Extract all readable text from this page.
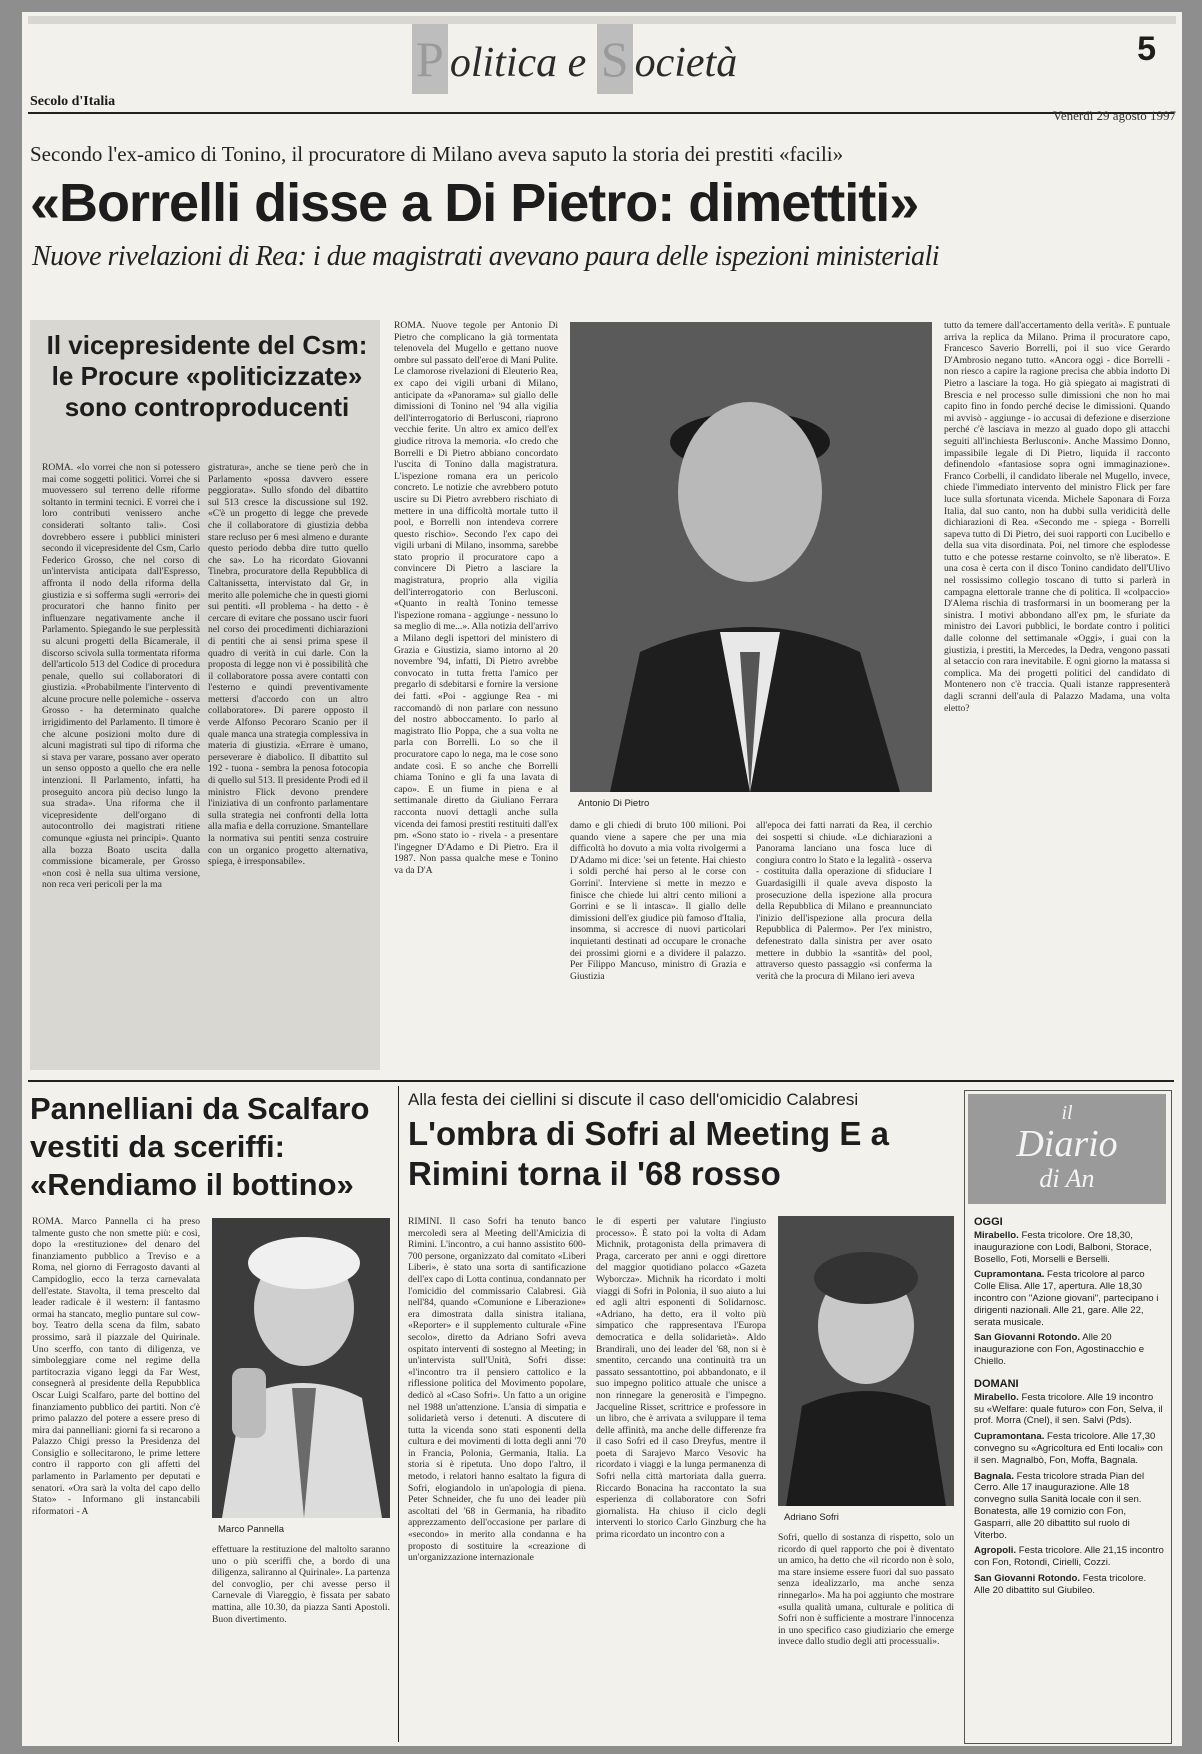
P olitica e S ocietà	5
Secolo d'Italia
Venerdì 29 agosto 1997
Secondo l'ex-amico di Tonino, il procuratore di Milano aveva saputo la storia dei prestiti «facili»
«Borrelli disse a Di Pietro: dimettiti»
Nuove rivelazioni di Rea: i due magistrati avevano paura delle ispezioni ministeriali
Il vicepresidente del Csm: le Procure «politicizzate» sono controproducenti
ROMA. «Io vorrei che non si potessero mai come soggetti politici. Vorrei che si muovessero sul terreno delle riforme soltanto in termini tecnici. E vorrei che i loro contributi venissero anche considerati soltanto tali». Così dovrebbero essere i pubblici ministeri secondo il vicepresidente del Csm, Carlo Federico Grosso, che nel corso di un'intervista anticipata dall'Espresso, affronta il nodo della riforma della giustizia e si sofferma sugli «errori» dei procuratori che hanno finito per influenzare negativamente anche il Parlamento. Spiegando le sue perplessità su alcuni progetti della Bicamerale, il discorso scivola sulla tormentata riforma dell'articolo 513 del Codice di procedura penale, quello sui collaboratori di giustizia. «Probabilmente l'intervento di alcune procure nelle polemiche - osserva Grosso - ha determinato qualche irrigidimento del Parlamento. Il timore è che alcune posizioni molto dure di alcuni magistrati sul tipo di riforma che si stava per varare, possano aver operato un senso opposto a quello che era nelle intenzioni. Il Parlamento, infatti, ha proseguito ancora più deciso lungo la sua strada». Una riforma che il vicepresidente dell'organo di autocontrollo dei magistrati ritiene comunque «giusta nei principi». Quanto alla bozza Boato uscita dalla commissione bicamerale, per Grosso «non così è nella sua ultima versione, non reca veri pericoli per la ma
gistratura», anche se tiene però che in Parlamento «possa davvero essere peggiorata». Sullo sfondo del dibattito sul 513 cresce la discussione sul 192. «C'è un progetto di legge che prevede che il collaboratore di giustizia debba stare recluso per 6 mesi almeno e durante questo periodo debba dire tutto quello che sa». Lo ha ricordato Giovanni Tinebra, procuratore della Repubblica di Caltanissetta, intervistato dal Gr, in merito alle polemiche che in questi giorni sui pentiti. «Il problema - ha detto - è cercare di evitare che possano uscir fuori nel corso dei procedimenti dichiarazioni di pentiti che ai sensi prima spese il quadro di verità in cui darle. Con la proposta di legge non vi è possibilità che il collaboratore possa avere contatti con l'esterno e quindi preventivamente mettersi d'accordo con un altro collaboratore». Di parere opposto il verde Alfonso Pecoraro Scanio per il quale manca una strategia complessiva in materia di giustizia. «Errare è umano, perseverare è diabolico. Il dibattito sul 192 - tuona - sembra la penosa fotocopia di quello sul 513. Il presidente Prodi ed il ministro Flick devono prendere l'iniziativa di un confronto parlamentare sulla strategia nei confronti della lotta alla mafia e della corruzione. Smantellare la normativa sui pentiti senza costruire con un organico progetto alternativa, spiega, è irresponsabile».
ROMA. Nuove tegole per Antonio Di Pietro che complicano la già tormentata telenovela del Mugello e gettano nuove ombre sul passato dell'eroe di Mani Pulite. Le clamorose rivelazioni di Eleuterio Rea, ex capo dei vigili urbani di Milano, anticipate da «Panorama» sul giallo delle dimissioni di Tonino nel '94 alla vigilia dell'interrogatorio di Berlusconi, riaprono vecchie ferite. Un altro ex amico dell'ex giudice ritrova la memoria. «Io credo che Borrelli e Di Pietro abbiano concordato l'uscita di Tonino dalla magistratura. L'ispezione romana era un pericolo concreto. Le notizie che avrebbero potuto uscire su Di Pietro avrebbero rischiato di mettere in una difficoltà mortale tutto il pool, e Borrelli non intendeva correre questo rischio». Secondo l'ex capo dei vigili urbani di Milano, insomma, sarebbe stato proprio il procuratore capo a convincere Di Pietro a lasciare la magistratura, proprio alla vigilia dell'interrogatorio con Berlusconi. «Quanto in realtà Tonino temesse l'ispezione romana - aggiunge - nessuno lo sa meglio di me...». Alla notizia dell'arrivo a Milano degli ispettori del ministero di Grazia e Giustizia, siamo intorno al 20 novembre '94, infatti, Di Pietro avrebbe convocato in tutta fretta l'amico per pregarlo di sdebitarsi e fornire la versione dei fatti. «Poi - aggiunge Rea - mi raccomandò di non parlare con nessuno del nostro abboccamento. Io parlo al magistrato Ilio Poppa, che a sua volta ne parla con Borrelli. Lo so che il procuratore capo lo nega, ma le cose sono andate così. E so anche che Borrelli chiama Tonino e gli fa una lavata di capo». E un fiume in piena e al settimanale diretto da Giuliano Ferrara racconta nuovi dettagli anche sulla vicenda dei famosi prestiti restituiti dall'ex pm. «Sono stato io - rivela - a presentare l'ingegner D'Adamo e Di Pietro. Era il 1987. Non passa qualche mese e Tonino va da D'A
Antonio Di Pietro
damo e gli chiedi di bruto 100 milioni. Poi quando viene a sapere che per una mia difficoltà ho dovuto a mia volta rivolgermi a D'Adamo mi dice: 'sei un fetente. Hai chiesto i soldi perché hai perso al le corse con Gorrini'. Interviene si mette in mezzo e finisce che chiede lui altri cento milioni a Gorrini e se li intasca». Il giallo delle dimissioni dell'ex giudice più famoso d'Italia, insomma, si accresce di nuovi particolari inquietanti destinati ad occupare le cronache dei prossimi giorni e a dividere il palazzo. Per Filippo Mancuso, ministro di Grazia e Giustizia
all'epoca dei fatti narrati da Rea, il cerchio dei sospetti si chiude. «Le dichiarazioni a Panorama lanciano una fosca luce di congiura contro lo Stato e la legalità - osserva - costituita dalla operazione di sfiduciare I Guardasigilli il quale aveva disposto la prosecuzione della ispezione alla procura della Repubblica di Milano e preannunciato l'inizio dell'ispezione alla procura della Repubblica di Palermo». Per l'ex ministro, defenestrato dalla sinistra per aver osato mettere in dubbio la «santità» del pool, attraverso questo passaggio «si conferma la verità che la procura di Milano ieri aveva
tutto da temere dall'accertamento della verità». E puntuale arriva la replica da Milano. Prima il procuratore capo, Francesco Saverio Borrelli, poi il suo vice Gerardo D'Ambrosio negano tutto. «Ancora oggi - dice Borrelli - non riesco a capire la ragione precisa che abbia indotto Di Pietro a lasciare la toga. Ho già spiegato ai magistrati di Brescia e nel processo sulle dimissioni che non ho mai capito fino in fondo perché decise le dimissioni. Quando mi avvisò - aggiunge - io accusai di defezione e diserzione perché c'è lasciava in mezzo al guado dopo gli attacchi seguiti all'inchiesta Berlusconi». Anche Massimo Donno, impassibile legale di Di Pietro, liquida il racconto definendolo «fantasiose sopra ogni immaginazione». Franco Corbelli, il candidato liberale nel Mugello, invece, chiede l'immediato intervento del ministro Flick per fare luce sulla sfortunata vicenda. Michele Saponara di Forza Italia, dal suo canto, non ha dubbi sulla veridicità delle dichiarazioni di Rea. «Secondo me - spiega - Borrelli sapeva tutto di Di Pietro, dei suoi rapporti con Lucibello e della sua vita disordinata. Poi, nel timore che esplodesse tutto e che potesse restarne coinvolto, se n'è liberato». E una cosa è certa con il disco Tonino candidato dell'Ulivo nel rossissimo collegio toscano di tutto si parlerà in campagna elettorale tranne che di politica. Il «colpaccio» D'Alema rischia di trasformarsi in un boomerang per la sinistra. I motivi abbondano all'ex pm, le sfuriate da ministro dei Lavori pubblici, le bordate contro i politici dalle colonne del settimanale «Oggi», i guai con la giustizia, i prestiti, la Mercedes, la Dedra, vengono passati al setaccio con rara inevitabile. E ogni giorno la matassa si complica. Ma dei progetti politici del candidato di Montenero non c'è traccia. Quali istanze rappresenterà dagli scranni dell'aula di Palazzo Madama, una volta eletto?
Pannelliani da Scalfaro vestiti da sceriffi: «Rendiamo il bottino»
ROMA. Marco Pannella ci ha preso talmente gusto che non smette più: e così, dopo la «restituzione» del denaro del finanziamento pubblico a Treviso e a Roma, nel giorno di Ferragosto davanti al Campidoglio, ecco la terza carnevalata dell'estate. Stavolta, il tema prescelto dal leader radicale è il western: il fantasmo ormai ha stancato, meglio puntare sul cow-boy. Teatro della scena da film, sabato prossimo, sarà il piazzale del Quirinale. Uno scerffo, con tanto di diligenza, ve simboleggiare come nel regime della partitocrazia vigano leggi da Far West, consegnerà al presidente della Repubblica Oscar Luigi Scalfaro, parte del bottino del finanziamento pubblico dei partiti. Non c'è primo palazzo del potere a essere preso di mira dai pannelliani: giorni fa si recarono a Palazzo Chigi presso la Presidenza del Consiglio e sollecitarono, le prime lettere contro il rapporto con gli affetti del parlamento in Parlamento per deputati e senatori. «Ora sarà la volta del capo dello Stato» - Informano gli instancabili riformatori - A
Marco Pannella
effettuare la restituzione del maltolto saranno uno o più sceriffi che, a bordo di una diligenza, saliranno al Quirinale». La partenza del convoglio, per chi avesse perso il Carnevale di Viareggio, è fissata per sabato mattina, alle 10.30, da piazza Santi Apostoli. Buon divertimento.
Alla festa dei ciellini si discute il caso dell'omicidio Calabresi
L'ombra di Sofri al Meeting E a Rimini torna il '68 rosso
RIMINI. Il caso Sofri ha tenuto banco mercoledì sera al Meeting dell'Amicizia di Rimini. L'incontro, a cui hanno assistito 600-700 persone, organizzato dal comitato «Liberi Liberi», è stato una sorta di santificazione dell'ex capo di Lotta continua, condannato per l'omicidio del commissario Calabresi. Già nell'84, quando «Comunione e Liberazione» era dimostrata dalla sinistra italiana, «Reporter» e il supplemento culturale «Fine secolo», diretto da Adriano Sofri aveva ospitato interventi di sostegno al Meeting; in un'intervista sull'Unità, Sofri disse: «l'incontro tra il pensiero cattolico e la riflessione politica del Movimento popolare, dedicò al «Caso Sofri». Un fatto a un origine nel 1988 un'attenzione. L'ansia di simpatia e solidarietà verso i detenuti. A discutere di tutta la vicenda sono stati esponenti della cultura e dei movimenti di lotta degli anni '70 in Francia, Polonia, Germania, Italia. La storia si è ripetuta. Uno dopo l'altro, il metodo, i relatori hanno esaltato la figura di Sofri, elogiandolo in un'apologia di piena. Peter Schneider, che fu uno dei leader più ascoltati del '68 in Germania, ha ribadito apprezzamento dell'occasione per parlare di «secondo» in merito alla condanna e ha proposto di sostituire la «creazione di un'organizzazione internazionale
le di esperti per valutare l'ingiusto processo». È stato poi la volta di Adam Michnik, protagonista della primavera di Praga, carcerato per anni e oggi direttore del maggior quotidiano polacco «Gazeta Wyborcza». Michnik ha ricordato i molti viaggi di Sofri in Polonia, il suo aiuto a lui ed agli altri esponenti di Solidarnosc. «Adriano, ha detto, era il volto più simpatico che rappresentava l'Europa democratica e della solidarietà». Aldo Brandirali, uno dei leader del '68, non si è smentito, cercando una continuità tra un passato sessantottino, poi abbandonato, e il suo impegno politico attuale che unisce a non rinnegare la generosità e l'impegno. Jacqueline Risset, scrittrice e professore in un libro, che è arrivata a sviluppare il tema delle affinità, ma anche delle differenze fra il caso Sofri ed il caso Dreyfus, mentre il poeta di Sarajevo Marco Vesovic ha ricordato i viaggi e la lunga permanenza di Sofri nella città martoriata dalla guerra. Riccardo Bonacina ha raccontato la sua esperienza di collaboratore con Sofri giornalista. Ha chiuso il ciclo degli interventi lo storico Carlo Ginzburg che ha prima ricordato un incontro con a
Adriano Sofri
Sofri, quello di sostanza di rispetto, solo un ricordo di quel rapporto che poi è diventato un amico, ha detto che «il ricordo non è solo, ma stare insieme essere fuori dal suo passato senza idealizzarlo, ma anche senza rinnegarlo». Ma ha poi aggiunto che mostrare «sulla qualità umana, culturale e politica di Sofri non è sufficiente a mostrare l'innocenza in uno specifico caso giudiziario che emerge invece dallo studio degli atti processuali».
il
Diario
di An
OGGI
Mirabello. Festa tricolore. Ore 18,30, inaugurazione con Lodi, Balboni, Storace, Bosello, Foti, Morselli e Berselli.
Cupramontana. Festa tricolore al parco Colle Elisa. Alle 17, apertura. Alle 18,30 incontro con "Azione giovani", partecipano i dirigenti nazionali. Alle 21, gare. Alle 22, serata musicale.
San Giovanni Rotondo. Alle 20 inaugurazione con Fon, Agostinacchio e Chiello.
DOMANI
Mirabello. Festa tricolore. Alle 19 incontro su «Welfare: quale futuro» con Fon, Selva, il prof. Morra (Cnel), il sen. Salvi (Pds).
Cupramontana. Festa tricolore. Alle 17,30 convegno su «Agricoltura ed Enti locali» con il sen. Magnalbò, Fon, Moffa, Bagnala.
Bagnala. Festa tricolore strada Pian del Cerro. Alle 17 inaugurazione. Alle 18 convegno sulla Sanità locale con il sen. Bonatesta, alle 19 comizio con Fon, Gasparri, alle 20 dibattito sul ruolo di Viterbo.
Agropoli. Festa tricolore. Alle 21,15 incontro con Fon, Rotondi, Cirielli, Cozzi.
San Giovanni Rotondo. Festa tricolore. Alle 20 dibattito sul Giubileo.
